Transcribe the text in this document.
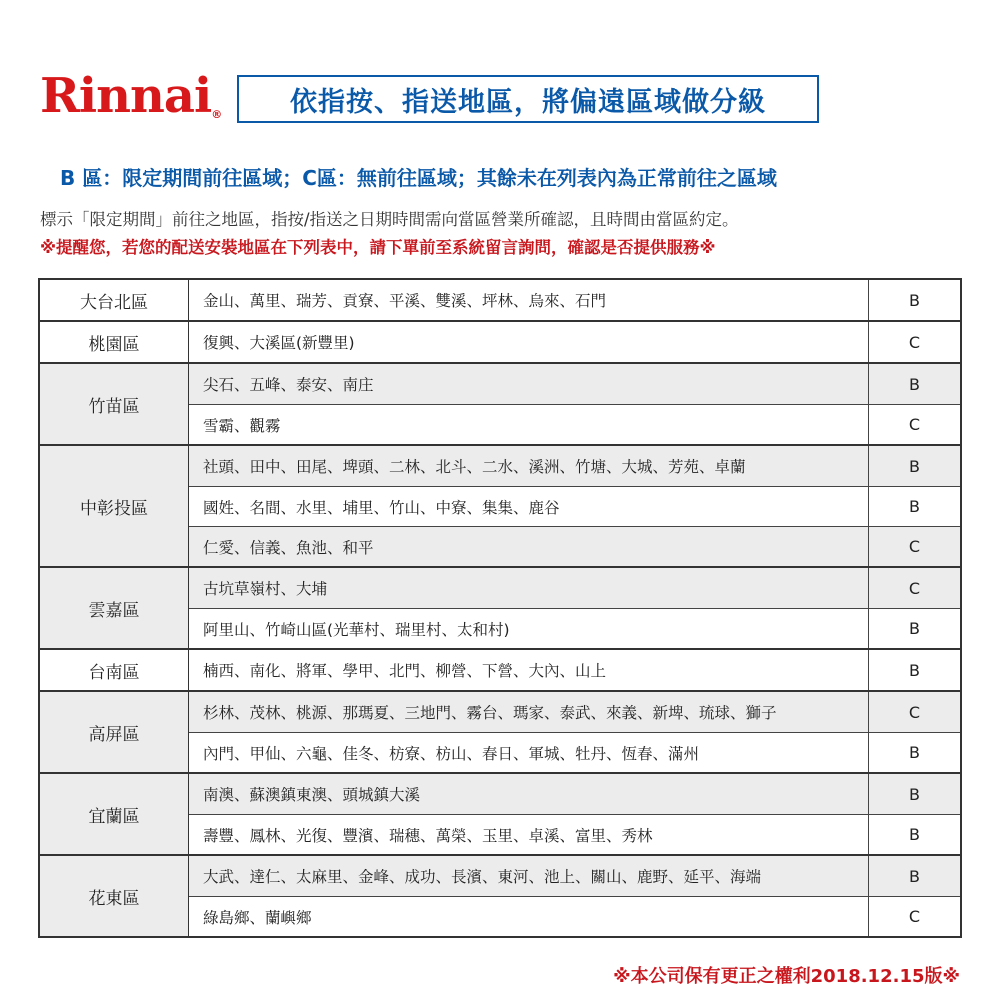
Rinnai®	依指按、指送地區，將偏遠區域做分級
B 區：限定期間前往區域；C區：無前往區域；其餘未在列表內為正常前往之區域
標示「限定期間」前往之地區，指按/指送之日期時間需向當區營業所確認，且時間由當區約定。
※提醒您，若您的配送安裝地區在下列表中，請下單前至系統留言詢問，確認是否提供服務※
大台北區	金山、萬里、瑞芳、貢寮、平溪、雙溪、坪林、烏來、石門	B
桃園區	復興、大溪區(新豐里)	C
竹苗區
尖石、五峰、泰安、南庄	B
雪霸、觀霧	C
中彰投區
社頭、田中、田尾、埤頭、二林、北斗、二水、溪洲、竹塘、大城、芳苑、卓蘭	B
國姓、名間、水里、埔里、竹山、中寮、集集、鹿谷	B
仁愛、信義、魚池、和平	C
雲嘉區
古坑草嶺村、大埔	C
阿里山、竹崎山區(光華村、瑞里村、太和村)	B
台南區	楠西、南化、將軍、學甲、北門、柳營、下營、大內、山上	B
高屏區
杉林、茂林、桃源、那瑪夏、三地門、霧台、瑪家、泰武、來義、新埤、琉球、獅子	C
內門、甲仙、六龜、佳冬、枋寮、枋山、春日、軍城、牡丹、恆春、滿州	B
宜蘭區
南澳、蘇澳鎮東澳、頭城鎮大溪	B
壽豐、鳳林、光復、豐濱、瑞穗、萬榮、玉里、卓溪、富里、秀林	B
花東區
大武、達仁、太麻里、金峰、成功、長濱、東河、池上、關山、鹿野、延平、海端	B
綠島鄉、蘭嶼鄉	C
※本公司保有更正之權利2018.12.15版※
